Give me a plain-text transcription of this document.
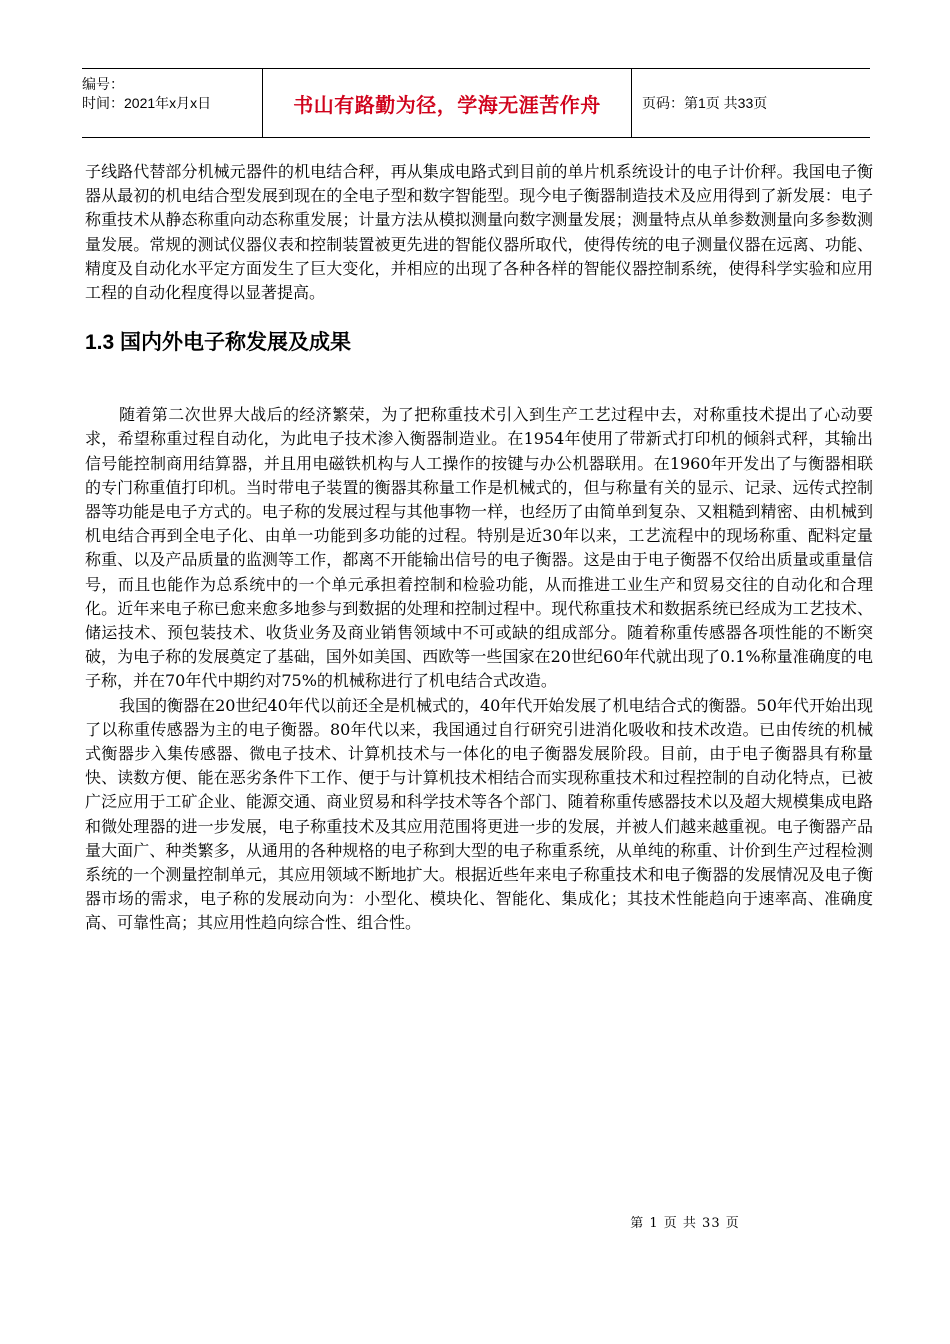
编号：
时间：2021年x月x日	书山有路勤为径，学海无涯苦作舟	页码：第1页 共33页

子线路代替部分机械元器件的机电结合秤，再从集成电路式到目前的单片机系统设计的电子计价秤。我国电子衡器从最初的机电结合型发展到现在的全电子型和数字智能型。现今电子衡器制造技术及应用得到了新发展：电子称重技术从静态称重向动态称重发展；计量方法从模拟测量向数字测量发展；测量特点从单参数测量向多参数测量发展。常规的测试仪器仪表和控制装置被更先进的智能仪器所取代，使得传统的电子测量仪器在远离、功能、精度及自动化水平定方面发生了巨大变化，并相应的出现了各种各样的智能仪器控制系统，使得科学实验和应用工程的自动化程度得以显著提高。

1.3 国内外电子称发展及成果

随着第二次世界大战后的经济繁荣，为了把称重技术引入到生产工艺过程中去，对称重技术提出了心动要求，希望称重过程自动化，为此电子技术渗入衡器制造业。在1954年使用了带新式打印机的倾斜式秤，其输出信号能控制商用结算器，并且用电磁铁机构与人工操作的按键与办公机器联用。在1960年开发出了与衡器相联的专门称重值打印机。当时带电子装置的衡器其称量工作是机械式的，但与称量有关的显示、记录、远传式控制器等功能是电子方式的。电子称的发展过程与其他事物一样，也经历了由简单到复杂、又粗糙到精密、由机械到机电结合再到全电子化、由单一功能到多功能的过程。特别是近30年以来，工艺流程中的现场称重、配料定量称重、以及产品质量的监测等工作，都离不开能输出信号的电子衡器。这是由于电子衡器不仅给出质量或重量信号，而且也能作为总系统中的一个单元承担着控制和检验功能，从而推进工业生产和贸易交往的自动化和合理化。近年来电子称已愈来愈多地参与到数据的处理和控制过程中。现代称重技术和数据系统已经成为工艺技术、储运技术、预包装技术、收货业务及商业销售领域中不可或缺的组成部分。随着称重传感器各项性能的不断突破，为电子称的发展奠定了基础，国外如美国、西欧等一些国家在20世纪60年代就出现了0.1%称量准确度的电子称，并在70年代中期约对75%的机械称进行了机电结合式改造。

我国的衡器在20世纪40年代以前还全是机械式的，40年代开始发展了机电结合式的衡器。50年代开始出现了以称重传感器为主的电子衡器。80年代以来，我国通过自行研究引进消化吸收和技术改造。已由传统的机械式衡器步入集传感器、微电子技术、计算机技术与一体化的电子衡器发展阶段。目前，由于电子衡器具有称量快、读数方便、能在恶劣条件下工作、便于与计算机技术相结合而实现称重技术和过程控制的自动化特点，已被广泛应用于工矿企业、能源交通、商业贸易和科学技术等各个部门、随着称重传感器技术以及超大规模集成电路和微处理器的进一步发展，电子称重技术及其应用范围将更进一步的发展，并被人们越来越重视。电子衡器产品量大面广、种类繁多，从通用的各种规格的电子称到大型的电子称重系统，从单纯的称重、计价到生产过程检测系统的一个测量控制单元，其应用领域不断地扩大。根据近些年来电子称重技术和电子衡器的发展情况及电子衡器市场的需求，电子称的发展动向为：小型化、模块化、智能化、集成化；其技术性能趋向于速率高、准确度高、可靠性高；其应用性趋向综合性、组合性。

第 1 页 共 33 页
